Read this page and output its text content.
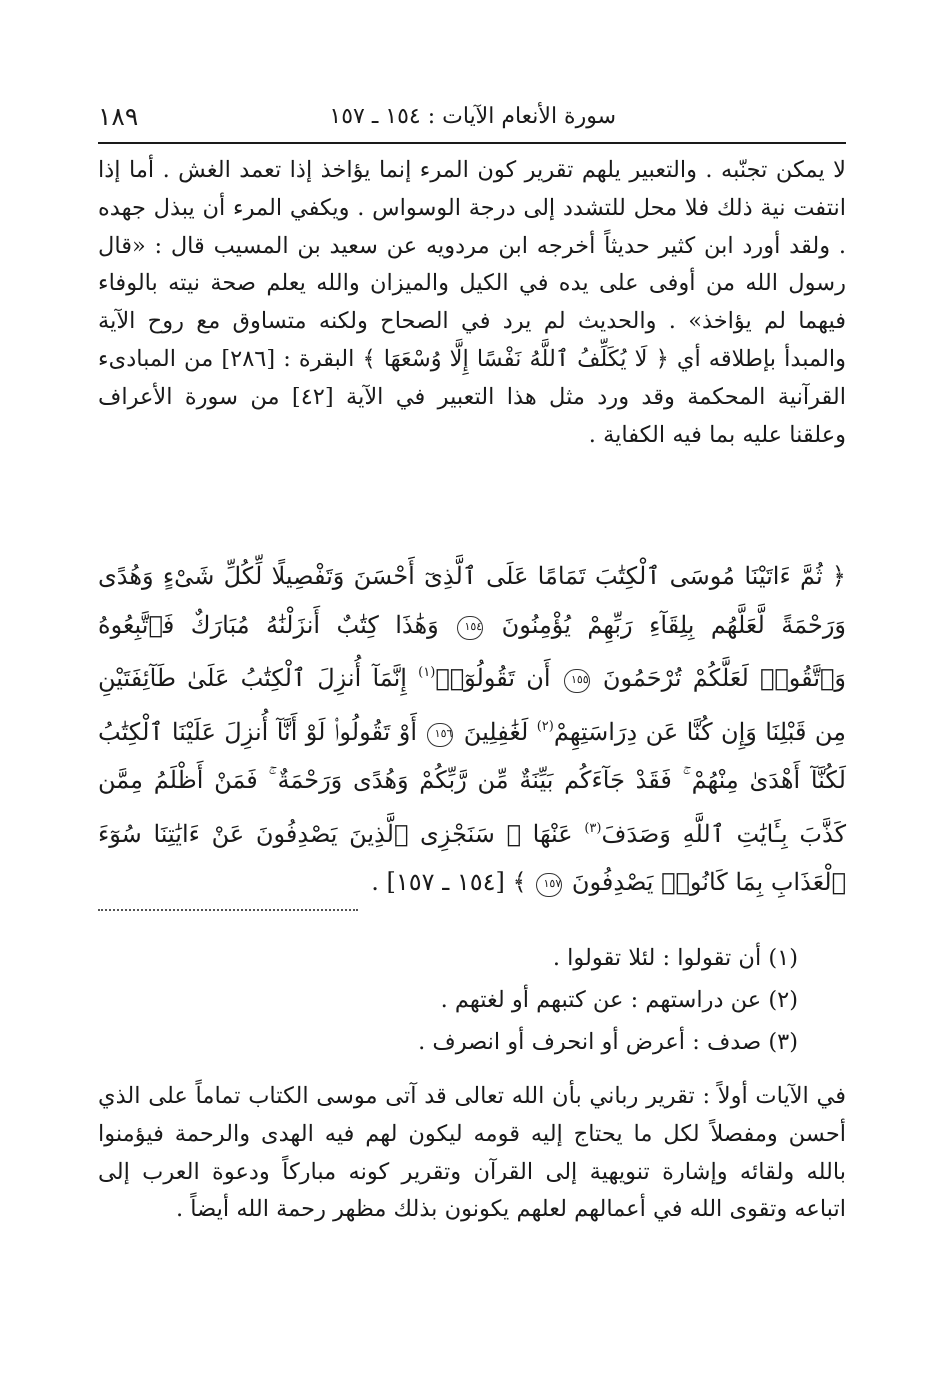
سورة الأنعام الآيات : ١٥٤ ـ ١٥٧
١٨٩

لا يمكن تجنّبه . والتعبير يلهم تقرير كون المرء إنما يؤاخذ إذا تعمد الغش . أما إذا انتفت نية ذلك فلا محل للتشدد إلى درجة الوسواس . ويكفي المرء أن يبذل جهده . ولقد أورد ابن كثير حديثاً أخرجه ابن مردويه عن سعيد بن المسيب قال : «قال رسول الله من أوفى على يده في الكيل والميزان والله يعلم صحة نيته بالوفاء فيهما لم يؤاخذ» . والحديث لم يرد في الصحاح ولكنه متساوق مع روح الآية والمبدأ بإطلاقه أي ﴿ لَا يُكَلِّفُ ٱللَّهُ نَفْسًا إِلَّا وُسْعَهَا ﴾ البقرة : [٢٨٦] من المبادىء القرآنية المحكمة وقد ورد مثل هذا التعبير في الآية [٤٢] من سورة الأعراف وعلقنا عليه بما فيه الكفاية .

﴿ ثُمَّ ءَاتَيْنَا مُوسَى ٱلْكِتَٰبَ تَمَامًا عَلَى ٱلَّذِىٓ أَحْسَنَ وَتَفْصِيلًا لِّكُلِّ شَىْءٍ وَهُدًى وَرَحْمَةً لَّعَلَّهُم بِلِقَآءِ رَبِّهِمْ يُؤْمِنُونَ ١٥٤ وَهَٰذَا كِتَٰبٌ أَنزَلْنَٰهُ مُبَارَكٌ فَٱتَّبِعُوهُ وَٱتَّقُوا۟ لَعَلَّكُمْ تُرْحَمُونَ ١٥٥ أَن تَقُولُوٓا۟$^{(١)}$ إِنَّمَآ أُنزِلَ ٱلْكِتَٰبُ عَلَىٰ طَآئِفَتَيْنِ مِن قَبْلِنَا وَإِن كُنَّا عَن دِرَاسَتِهِمْ$^{(٢)}$ لَغَٰفِلِينَ ١٥٦ أَوْ تَقُولُوا۟ لَوْ أَنَّآ أُنزِلَ عَلَيْنَا ٱلْكِتَٰبُ لَكُنَّآ أَهْدَىٰ مِنْهُمْ ۚ فَقَدْ جَآءَكُم بَيِّنَةٌ مِّن رَّبِّكُمْ وَهُدًى وَرَحْمَةٌ ۚ فَمَنْ أَظْلَمُ مِمَّن كَذَّبَ بِـَٔايَٰتِ ٱللَّهِ وَصَدَفَ$^{(٣)}$ عَنْهَا ۗ سَنَجْزِى ٱلَّذِينَ يَصْدِفُونَ عَنْ ءَايَٰتِنَا سُوٓءَ ٱلْعَذَابِ بِمَا كَانُوا۟ يَصْدِفُونَ ١٥٧ ﴾ [١٥٤ ـ ١٥٧] .

(١) أن تقولوا : لئلا تقولوا .
(٢) عن دراستهم : عن كتبهم أو لغتهم .
(٣) صدف : أعرض أو انحرف أو انصرف .

في الآيات أولاً : تقرير رباني بأن الله تعالى قد آتى موسى الكتاب تماماً على الذي أحسن ومفصلاً لكل ما يحتاج إليه قومه ليكون لهم فيه الهدى والرحمة فيؤمنوا بالله ولقائه وإشارة تنويهية إلى القرآن وتقرير كونه مباركاً ودعوة العرب إلى اتباعه وتقوى الله في أعمالهم لعلهم يكونون بذلك مظهر رحمة الله أيضاً .
